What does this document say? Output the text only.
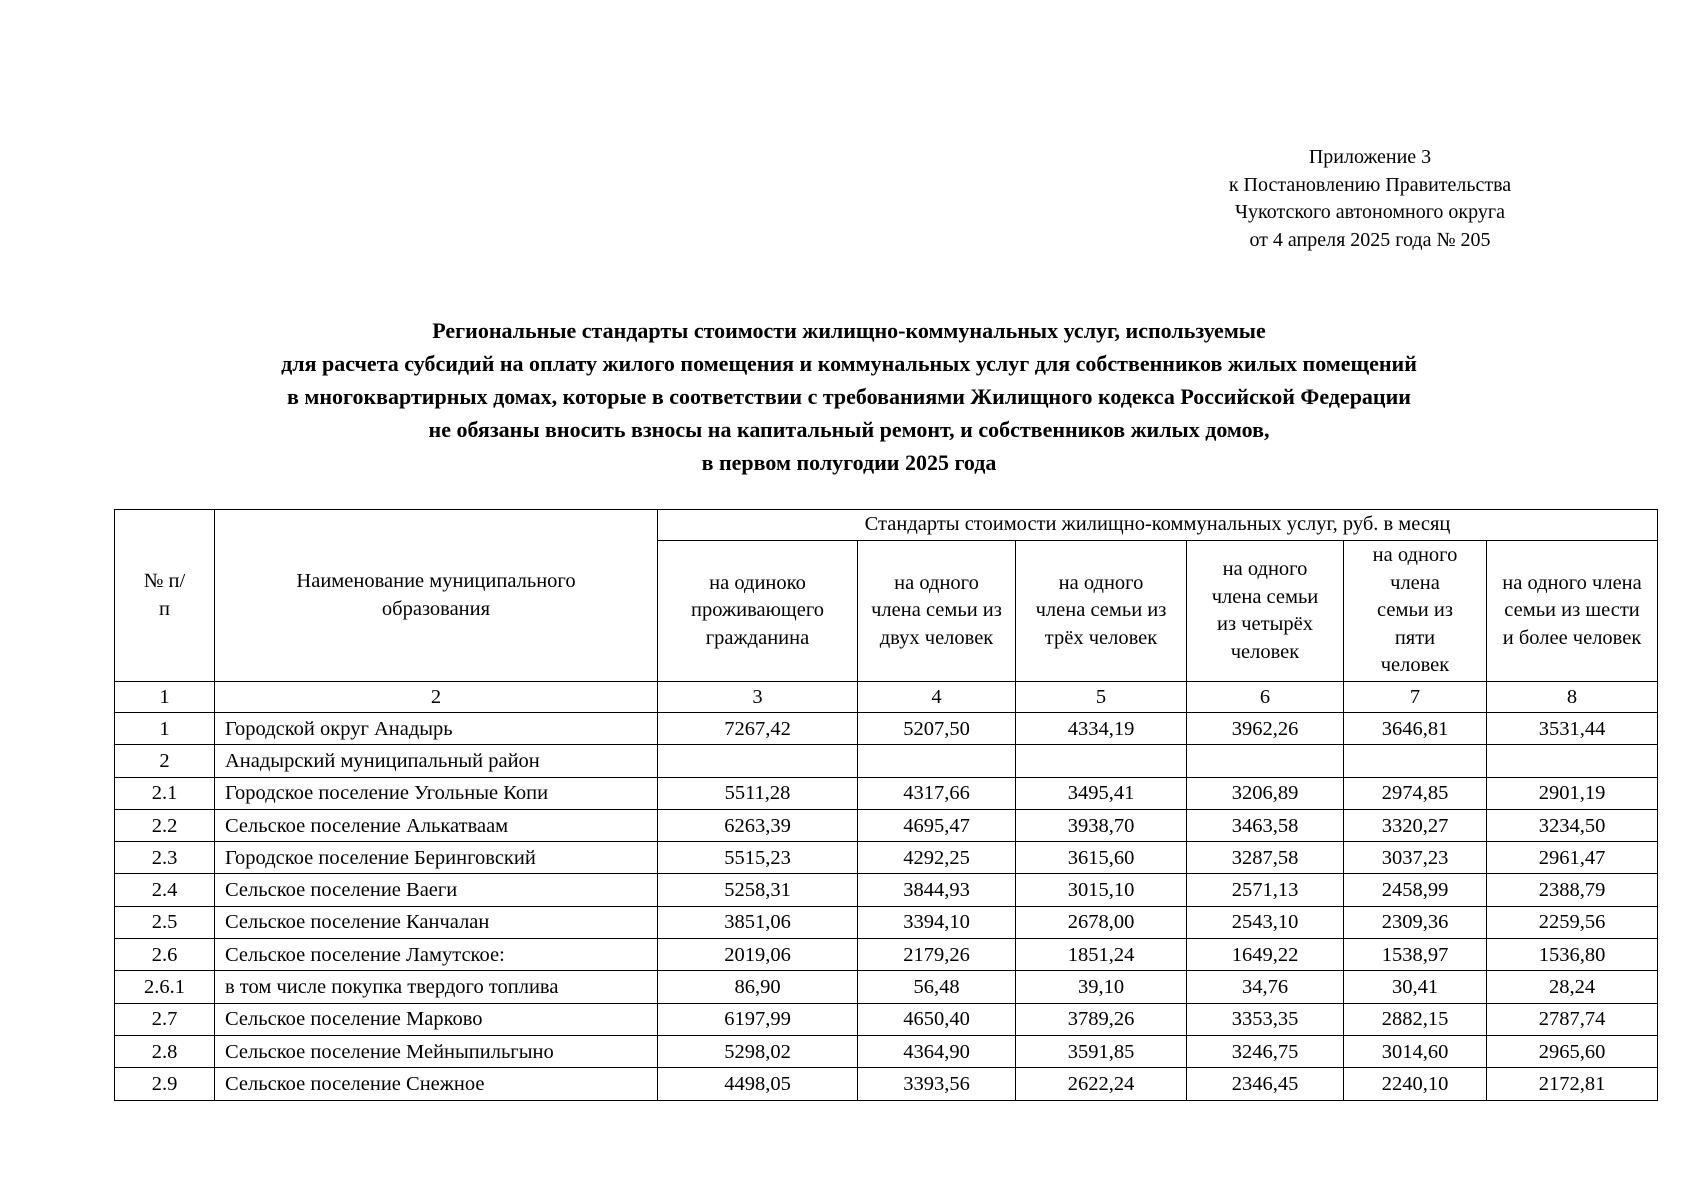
Приложение 3
к Постановлению Правительства
Чукотского автономного округа
от 4 апреля 2025 года № 205
Региональные стандарты стоимости жилищно-коммунальных услуг, используемые
для расчета субсидий на оплату жилого помещения и коммунальных услуг для собственников жилых помещений
в многоквартирных домах, которые в соответствии с требованиями Жилищного кодекса Российской Федерации
не обязаны вносить взносы на капитальный ремонт, и собственников жилых домов,
в первом полугодии 2025 года
№ п/п	Наименование муниципального образования	Стандарты стоимости жилищно-коммунальных услуг, руб. в месяц					
		на одиноко проживающего гражданина	на одного члена семьи из двух человек	на одного члена семьи из трёх человек	на одного члена семьи из четырёх человек	на одного члена семьи из пяти человек	на одного члена семьи из шести и более человек
1	2	3	4	5	6	7	8
1	Городской округ Анадырь	7267,42	5207,50	4334,19	3962,26	3646,81	3531,44
2	Анадырский муниципальный район						
2.1	Городское поселение Угольные Копи	5511,28	4317,66	3495,41	3206,89	2974,85	2901,19
2.2	Сельское поселение Алькатваам	6263,39	4695,47	3938,70	3463,58	3320,27	3234,50
2.3	Городское поселение Беринговский	5515,23	4292,25	3615,60	3287,58	3037,23	2961,47
2.4	Сельское поселение Ваеги	5258,31	3844,93	3015,10	2571,13	2458,99	2388,79
2.5	Сельское поселение Канчалан	3851,06	3394,10	2678,00	2543,10	2309,36	2259,56
2.6	Сельское поселение Ламутское:	2019,06	2179,26	1851,24	1649,22	1538,97	1536,80
2.6.1	в том числе покупка твердого топлива	86,90	56,48	39,10	34,76	30,41	28,24
2.7	Сельское поселение Марково	6197,99	4650,40	3789,26	3353,35	2882,15	2787,74
2.8	Сельское поселение Мейныпильгыно	5298,02	4364,90	3591,85	3246,75	3014,60	2965,60
2.9	Сельское поселение Снежное	4498,05	3393,56	2622,24	2346,45	2240,10	2172,81
